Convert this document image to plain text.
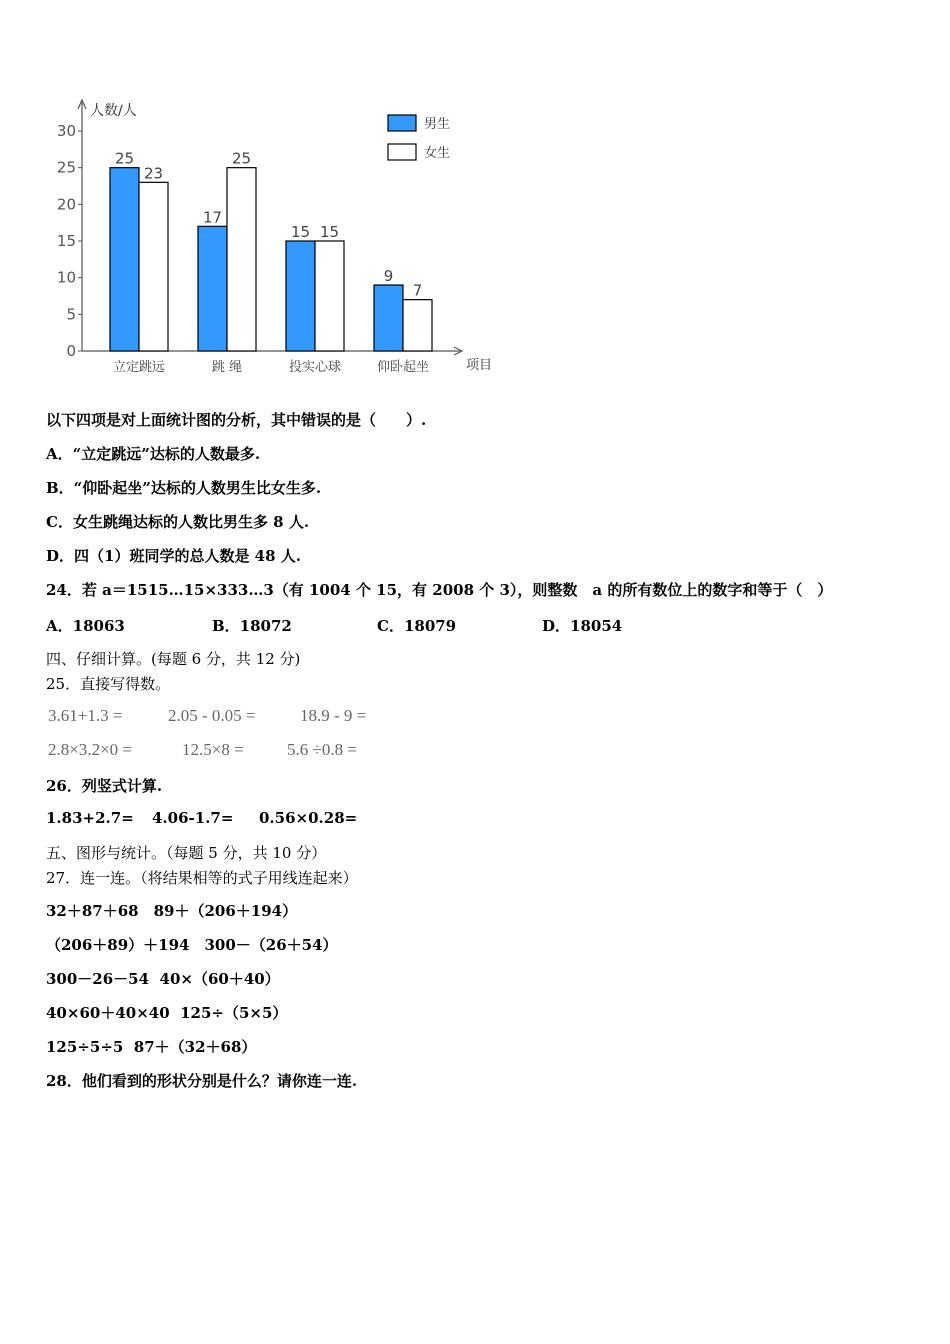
人数/人
项目
0
5
10
15
20
25
30
25
23
立定跳远
17
25
跳 绳
15 15
投实心球
9
7
仰卧起坐
男生
女生
以下四项是对上面统计图的分析，其中错误的是（　　）.
A．“立定跳远”达标的人数最多.
B．“仰卧起坐”达标的人数男生比女生多.
C．女生跳绳达标的人数比男生多 8 人.
D．四（1）班同学的总人数是 48 人.
24．若 a＝1515…15×333…3（有 1004 个 15，有 2008 个 3），则整数　a 的所有数位上的数字和等于（　）
A．18063	B．18072	C．18079	D．18054
四、仔细计算。(每题 6 分，共 12 分)
25．直接写得数。
3.61+1.3 =	2.05 - 0.05 =	18.9 - 9 =
2.8×3.2×0 =	12.5×8 =	5.6 ÷0.8 =
26．列竖式计算.
1.83+2.7= 4.06-1.7= 0.56×0.28=
五、图形与统计。（每题 5 分，共 10 分）
27．连一连。（将结果相等的式子用线连起来）
32＋87＋68　89＋（206＋194）
（206＋89）＋194　300－（26＋54）
300－26－54  40×（60＋40）
40×60＋40×40  125÷（5×5）
125÷5÷5  87＋（32＋68）
28．他们看到的形状分别是什么？请你连一连.
